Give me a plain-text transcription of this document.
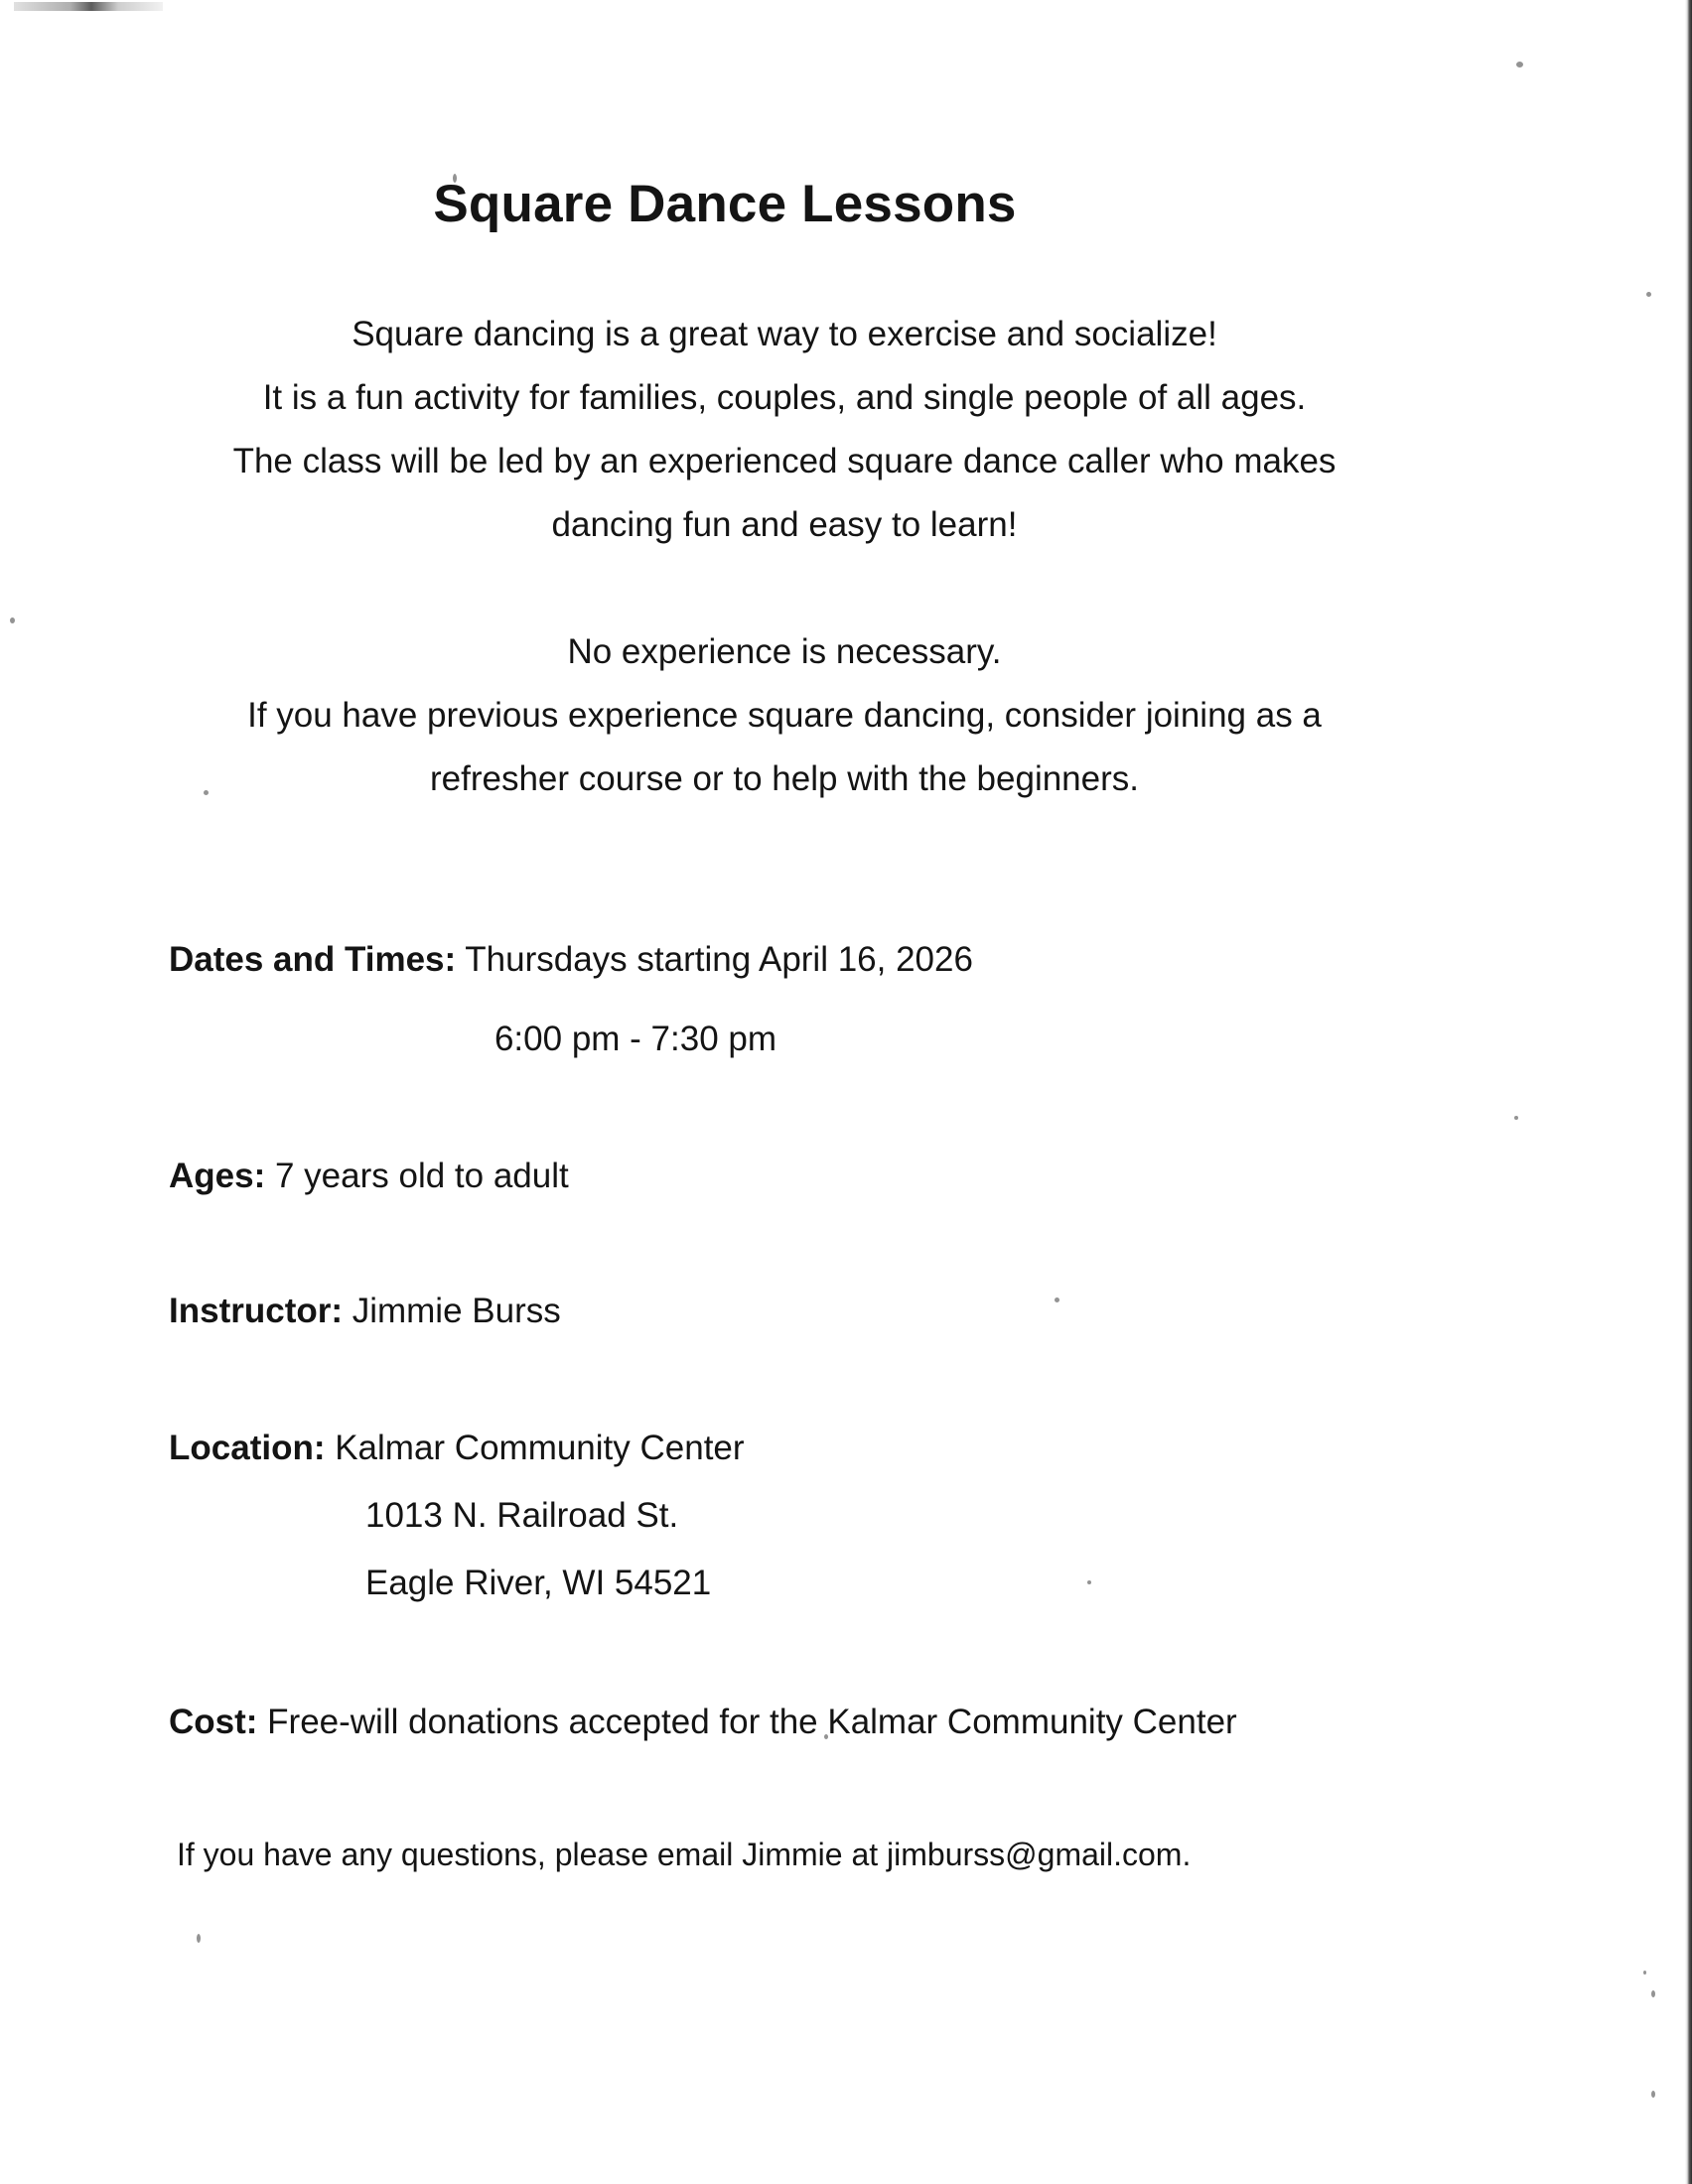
Square Dance Lessons
Square dancing is a great way to exercise and socialize!
It is a fun activity for families, couples, and single people of all ages.
The class will be led by an experienced square dance caller who makes
dancing fun and easy to learn!
No experience is necessary.
If you have previous experience square dancing, consider joining as a
refresher course or to help with the beginners.
Dates and Times: Thursdays starting April 16, 2026
6:00 pm - 7:30 pm
Ages: 7 years old to adult
Instructor: Jimmie Burss
Location: Kalmar Community Center
1013 N. Railroad St.
Eagle River, WI 54521
Cost: Free-will donations accepted for the Kalmar Community Center
If you have any questions, please email Jimmie at jimburss@gmail.com.
